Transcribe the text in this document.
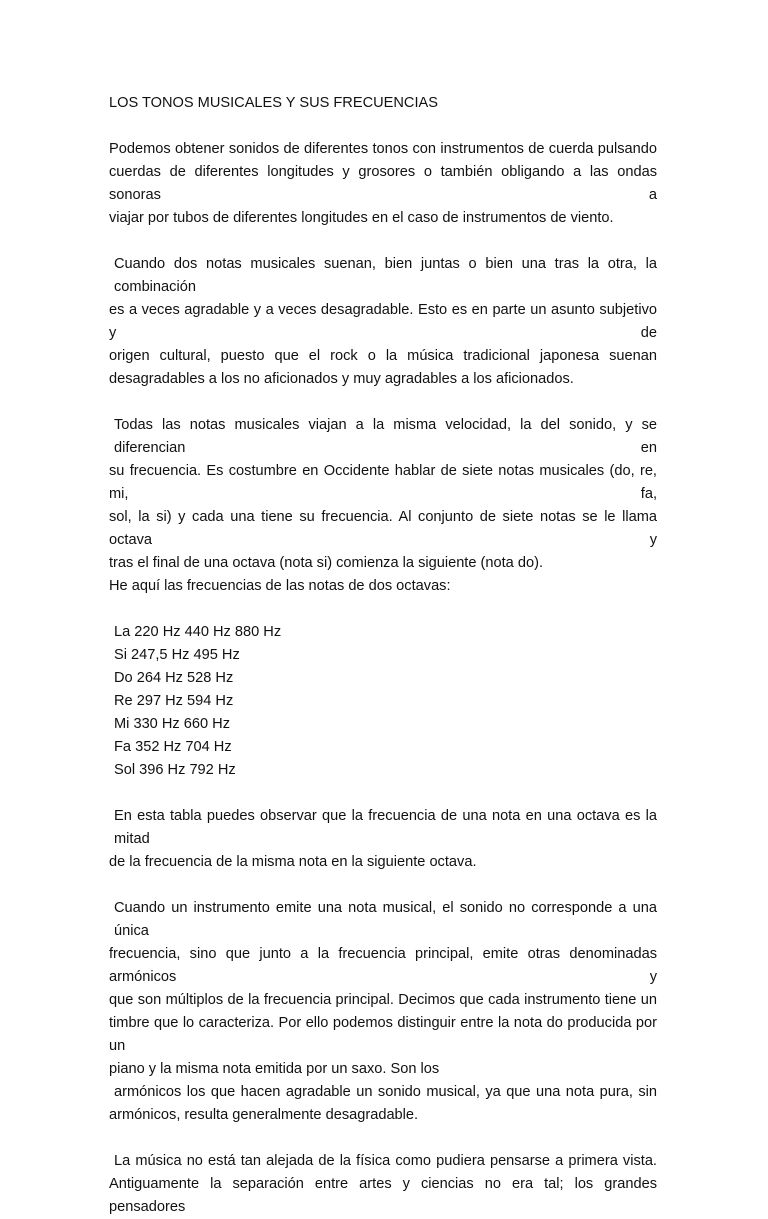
LOS TONOS MUSICALES Y SUS FRECUENCIAS

Podemos obtener sonidos de diferentes tonos con instrumentos de cuerda pulsando
cuerdas de diferentes longitudes y grosores o también obligando a las ondas sonoras a
viajar por tubos de diferentes longitudes en el caso de instrumentos de viento.

Cuando dos notas musicales suenan, bien juntas o bien una tras la otra, la combinación
es a veces agradable y a veces desagradable. Esto es en parte un asunto subjetivo y de
origen cultural, puesto que el rock o la música tradicional japonesa suenan
desagradables a los no aficionados y muy agradables a los aficionados.

Todas las notas musicales viajan a la misma velocidad, la del sonido, y se diferencian en
su frecuencia. Es costumbre en Occidente hablar de siete notas musicales (do, re, mi, fa,
sol, la si) y cada una tiene su frecuencia. Al conjunto de siete notas se le llama octava y
tras el final de una octava (nota si) comienza la siguiente (nota do).
He aquí las frecuencias de las notas de dos octavas:

La 220 Hz 440 Hz 880 Hz
Si 247,5 Hz 495 Hz
Do 264 Hz 528 Hz
Re 297 Hz 594 Hz
Mi 330 Hz 660 Hz
Fa 352 Hz 704 Hz
Sol 396 Hz 792 Hz

En esta tabla puedes observar que la frecuencia de una nota en una octava es la mitad
de la frecuencia de la misma nota en la siguiente octava.

Cuando un instrumento emite una nota musical, el sonido no corresponde a una única
frecuencia, sino que junto a la frecuencia principal, emite otras denominadas armónicos y
que son múltiplos de la frecuencia principal. Decimos que cada instrumento tiene un
timbre que lo caracteriza. Por ello podemos distinguir entre la nota do producida por un
piano y la misma nota emitida por un saxo. Son los
armónicos los que hacen agradable un sonido musical, ya que una nota pura, sin
armónicos, resulta generalmente desagradable.

La música no está tan alejada de la física como pudiera pensarse a primera vista.
Antiguamente la separación entre artes y ciencias no era tal; los grandes pensadores
